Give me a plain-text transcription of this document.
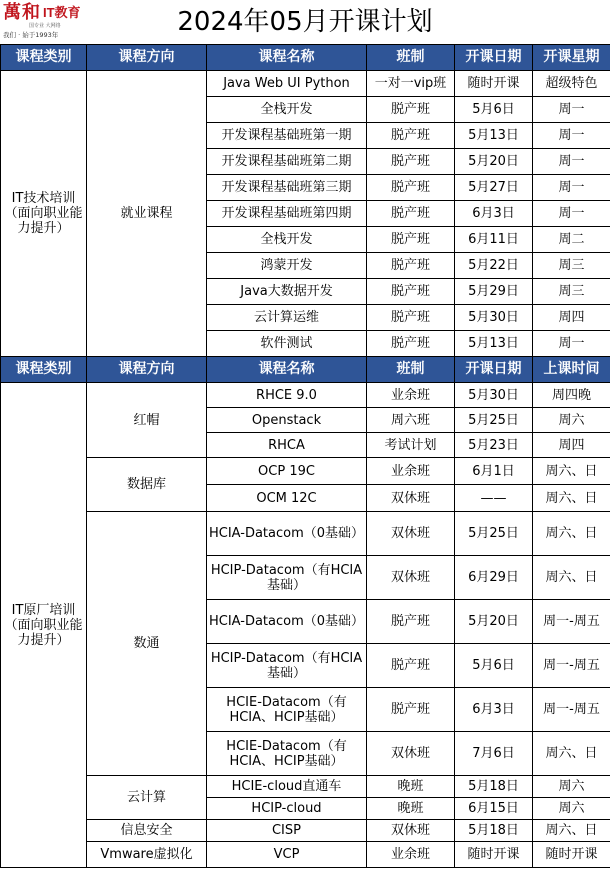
2024年05月开课计划
萬和 IT教育
国专业 大网络
我们 · 始于1993年
课程类别	课程方向	课程名称	班制	开课日期	开课星期
IT技术培训（面向职业能力提升）	就业课程	Java Web UI Python	一对一vip班	随时开课	超级特色
		全栈开发	脱产班	5月6日	周一
		开发课程基础班第一期	脱产班	5月13日	周一
		开发课程基础班第二期	脱产班	5月20日	周一
		开发课程基础班第三期	脱产班	5月27日	周一
		开发课程基础班第四期	脱产班	6月3日	周一
		全栈开发	脱产班	6月11日	周二
		鸿蒙开发	脱产班	5月22日	周三
		Java大数据开发	脱产班	5月29日	周三
		云计算运维	脱产班	5月30日	周四
		软件测试	脱产班	5月13日	周一
课程类别	课程方向	课程名称	班制	开课日期	上课时间
IT原厂培训（面向职业能力提升）	红帽	RHCE 9.0	业余班	5月30日	周四晚
		Openstack	周六班	5月25日	周六
		RHCA	考试计划	5月23日	周四
	数据库	OCP 19C	业余班	6月1日	周六、日
		OCM 12C	双休班	——	周六、日
	数通	HCIA-Datacom（0基础）	双休班	5月25日	周六、日
		HCIP-Datacom（有HCIA基础）	双休班	6月29日	周六、日
		HCIA-Datacom（0基础）	脱产班	5月20日	周一-周五
		HCIP-Datacom（有HCIA基础）	脱产班	5月6日	周一-周五
		HCIE-Datacom（有HCIA、HCIP基础）	脱产班	6月3日	周一-周五
		HCIE-Datacom（有HCIA、HCIP基础）	双休班	7月6日	周六、日
	云计算	HCIE-cloud直通车	晚班	5月18日	周六
		HCIP-cloud	晚班	6月15日	周六
	信息安全	CISP	双休班	5月18日	周六、日
	Vmware虚拟化	VCP	业余班	随时开课	随时开课
